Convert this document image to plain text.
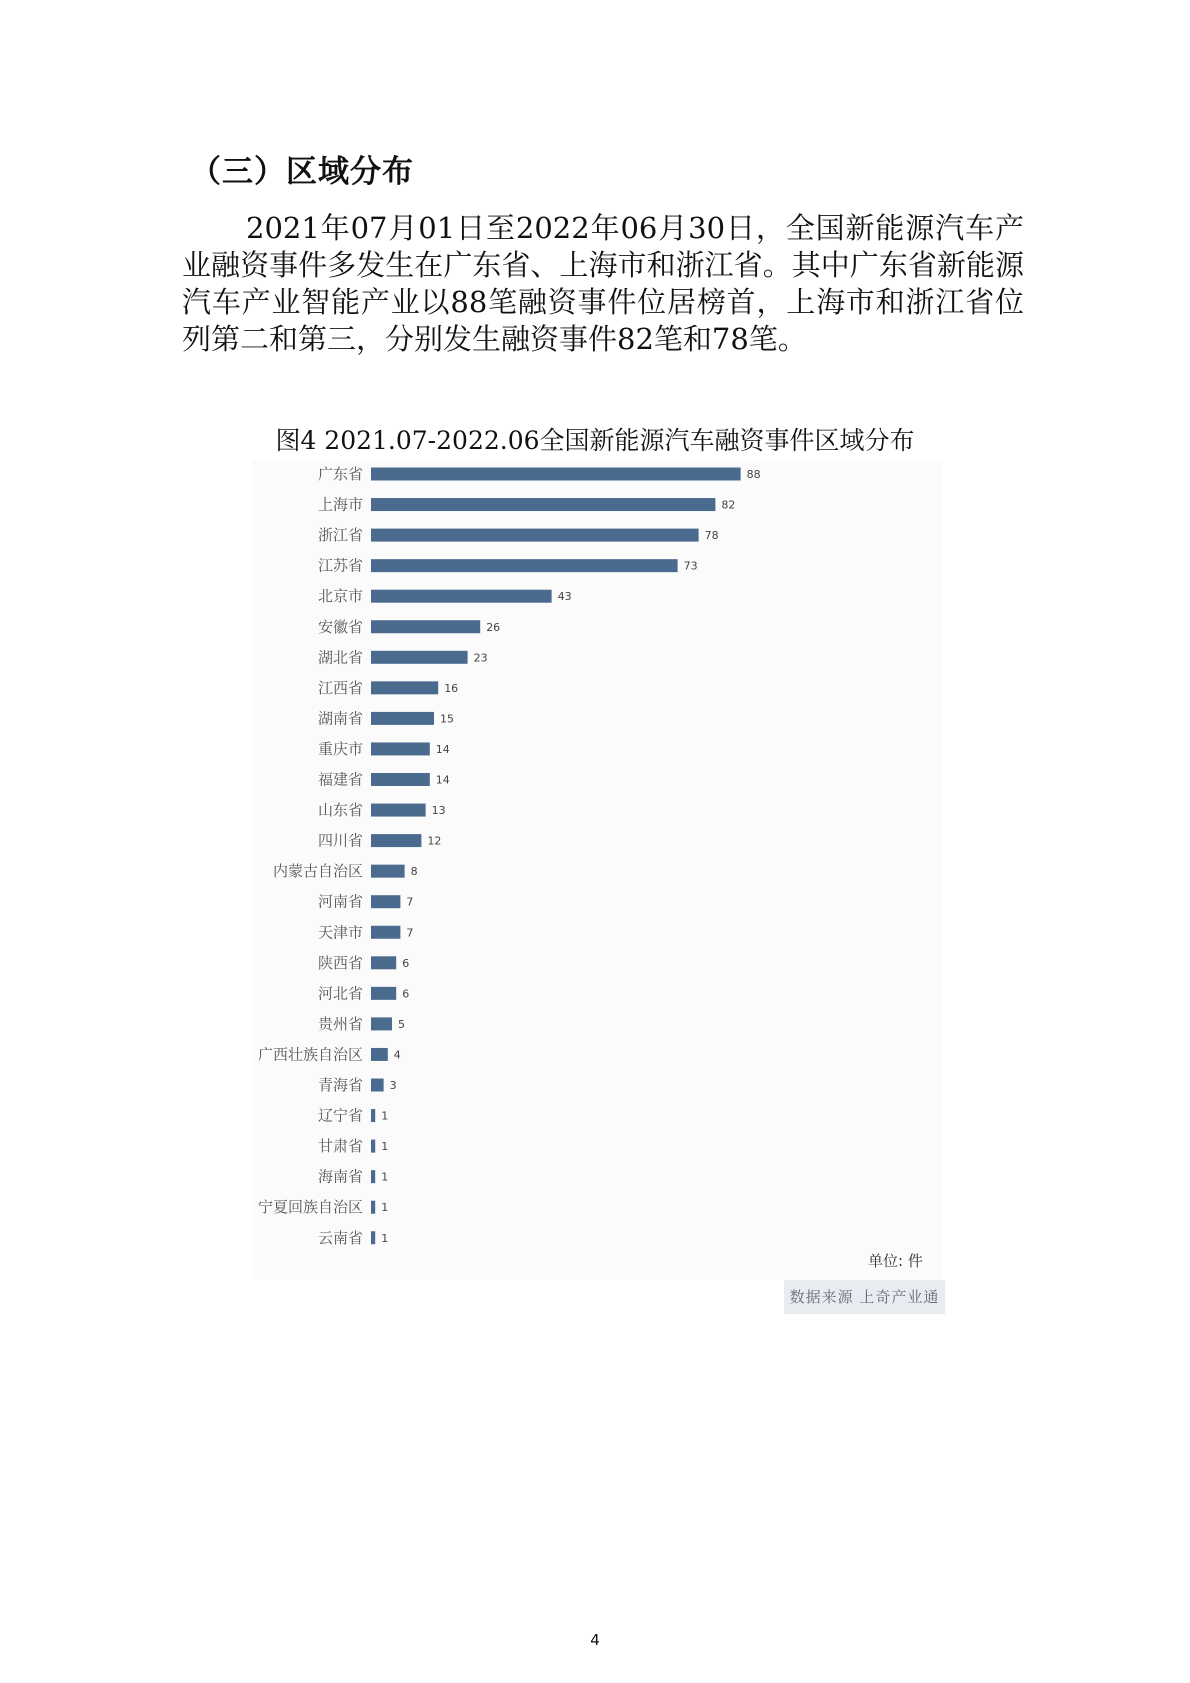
（三）区域分布

2021年07月01日至2022年06月30日，全国新能源汽车产业融资事件多发生在广东省、上海市和浙江省。其中广东省新能源汽车产业智能产业以88笔融资事件位居榜首，上海市和浙江省位列第二和第三，分别发生融资事件82笔和78笔。

图4 2021.07-2022.06全国新能源汽车融资事件区域分布
广东省	88
上海市	82
浙江省	78
江苏省	73
北京市	43
安徽省	26
湖北省	23
江西省	16
湖南省	15
重庆市	14
福建省	14
山东省	13
四川省	12
内蒙古自治区	8
河南省	7
天津市	7
陕西省	6
河北省	6
贵州省	5
广西壮族自治区	4
青海省 3
辽宁省 1
甘肃省 1
海南省 1
宁夏回族自治区 1
云南省 1
单位: 件
数据来源 上奇产业通
4
